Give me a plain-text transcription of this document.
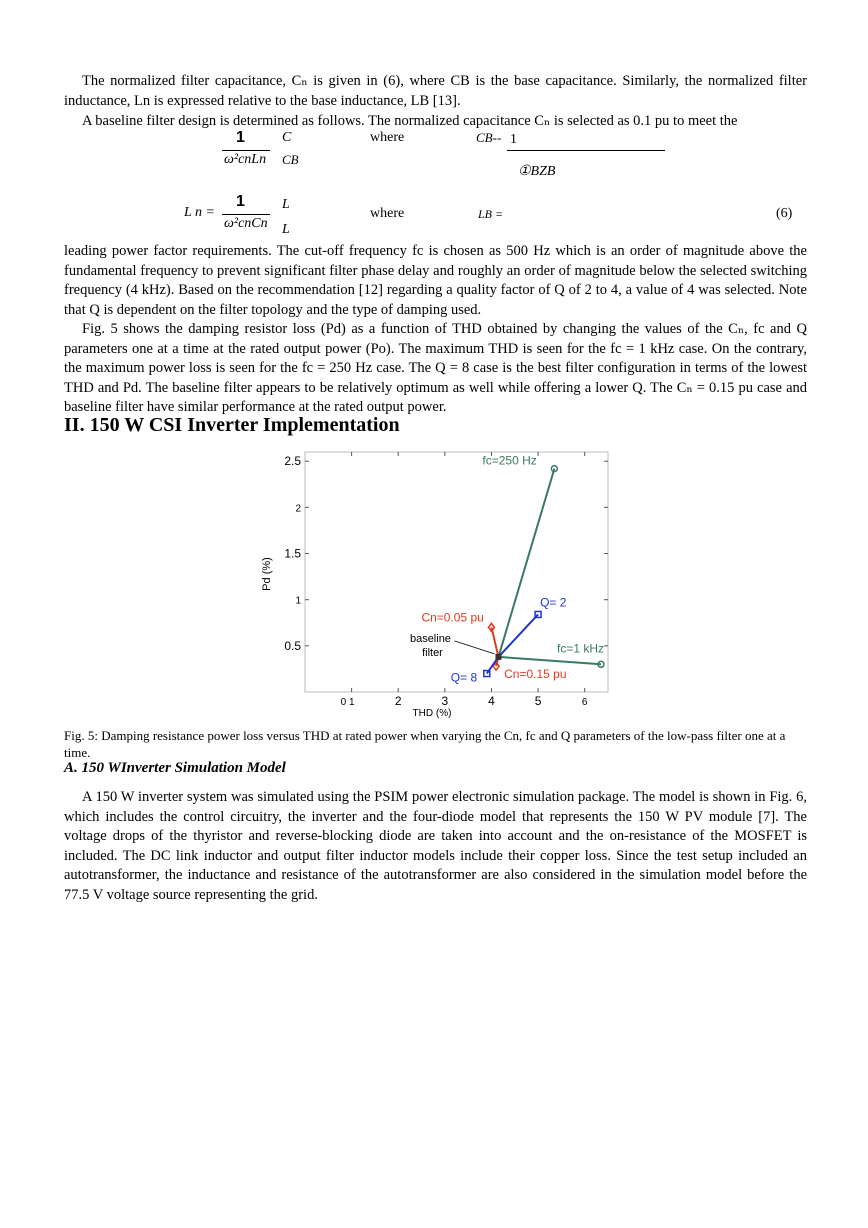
The normalized filter capacitance, Cₙ is given in (6), where CB is the base capacitance. Similarly, the normalized filter inductance, Ln is expressed relative to the base inductance, LB [13].

A baseline filter design is determined as follows. The normalized capacitance Cₙ is selected as 0.1 pu to meet the

1
ω²cnLn
C
CB
where	CB-- 1
①BZB
L n =
1
ω²cnCn
L
L
where	LB =	(6)

leading power factor requirements. The cut-off frequency fc is chosen as 500 Hz which is an order of magnitude above the fundamental frequency to prevent significant filter phase delay and roughly an order of magnitude below the selected switching frequency (4 kHz). Based on the recommendation [12] regarding a quality factor of Q of 2 to 4, a value of 4 was selected. Note that Q is dependent on the filter topology and the type of damping used.

Fig. 5 shows the damping resistor loss (Pd) as a function of THD obtained by changing the values of the Cₙ, fc and Q parameters one at a time at the rated output power (Po). The maximum THD is seen for the fc = 1 kHz case. On the contrary, the maximum power loss is seen for the fc = 250 Hz case. The Q = 8 case is the best filter configuration in terms of the lowest THD and Pd. The baseline filter appears to be relatively optimum as well while offering a lower Q. The Cₙ = 0.15 pu case and baseline filter have similar performance at the rated output power.

II. 150 W CSI Inverter Implementation
0.5
1
1.5
2
2.5
0 1	2	3	4	5	6
fc=250 Hz
fc=1 kHz
Cn=0.05 pu
Cn=0.15 pu
Q= 2
Q= 8
baseline
filter
THD (%)
Pd (%)

Fig. 5: Damping resistance power loss versus THD at rated power when varying the Cn, fc and Q parameters of the low-pass filter one at a time.

A. 150 WInverter Simulation Model

A 150 W inverter system was simulated using the PSIM power electronic simulation package. The model is shown in Fig. 6, which includes the control circuitry, the inverter and the four-diode model that represents the 150 W PV module [7]. The voltage drops of the thyristor and reverse-blocking diode are taken into account and the on-resistance of the MOSFET is included. The DC link inductor and output filter inductor models include their copper loss. Since the test setup included an autotransformer, the inductance and resistance of the autotransformer are also considered in the simulation model before the 77.5 V voltage source representing the grid.
